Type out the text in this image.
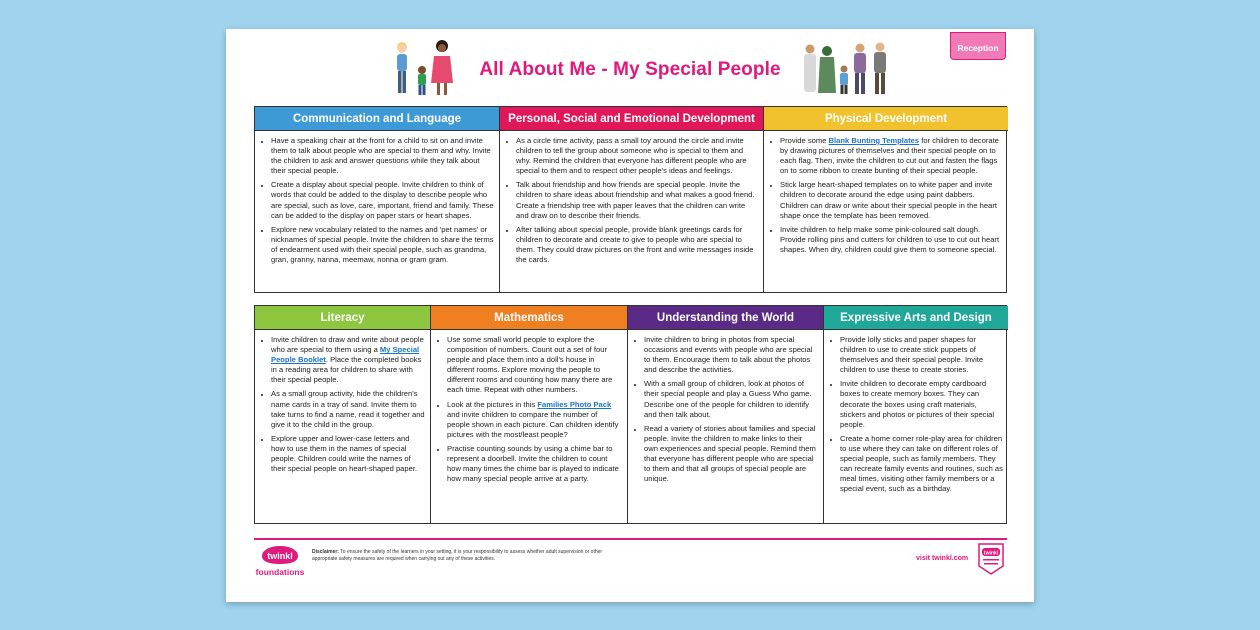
All About Me - My Special People
Reception
Communication and Language
• Have a speaking chair at the front for a child to sit on and invite them to talk about people who are special to them and why. Invite the children to ask and answer questions while they talk about their special people.
• Create a display about special people. Invite children to think of words that could be added to the display to describe people who are special, such as love, care, important, friend and family. These can be added to the display on paper stars or heart shapes.
• Explore new vocabulary related to the names and 'pet names' or nicknames of special people. Invite the children to share the terms of endearment used with their special people, such as grandma, gran, granny, nanna, meemaw, nonna or gram gram.
Personal, Social and Emotional Development
• As a circle time activity, pass a small toy around the circle and invite children to tell the group about someone who is special to them and why. Remind the children that everyone has different people who are special to them and to respect other people's ideas and feelings.
• Talk about friendship and how friends are special people. Invite the children to share ideas about friendship and what makes a good friend. Create a friendship tree with paper leaves that the children can write and draw on to describe their friends.
• After talking about special people, provide blank greetings cards for children to decorate and create to give to people who are special to them. They could draw pictures on the front and write messages inside the cards.
Physical Development
• Provide some Blank Bunting Templates for children to decorate by drawing pictures of themselves and their special people on to each flag. Then, invite the children to cut out and fasten the flags on to some ribbon to create bunting of their special people.
• Stick large heart-shaped templates on to white paper and invite children to decorate around the edge using paint dabbers. Children can draw or write about their special people in the heart shape once the template has been removed.
• Invite children to help make some pink-coloured salt dough. Provide rolling pins and cutters for children to use to cut out heart shapes. When dry, children could give them to someone special.
Literacy
• Invite children to draw and write about people who are special to them using a My Special People Booklet. Place the completed books in a reading area for children to share with their special people.
• As a small group activity, hide the children's name cards in a tray of sand. Invite them to take turns to find a name, read it together and give it to the child in the group.
• Explore upper and lower-case letters and how to use them in the names of special people. Children could write the names of their special people on heart-shaped paper.
Mathematics
• Use some small world people to explore the composition of numbers. Count out a set of four people and place them into a doll's house in different rooms. Explore moving the people to different rooms and counting how many there are each time. Repeat with other numbers.
• Look at the pictures in this Families Photo Pack and invite children to compare the number of people shown in each picture. Can children identify pictures with the most/least people?
• Practise counting sounds by using a chime bar to represent a doorbell. Invite the children to count how many times the chime bar is played to indicate how many special people arrive at a party.
Understanding the World
• Invite children to bring in photos from special occasions and events with people who are special to them. Encourage them to talk about the photos and describe the activities.
• With a small group of children, look at photos of their special people and play a Guess Who game. Describe one of the people for children to identify and then talk about.
• Read a variety of stories about families and special people. Invite the children to make links to their own experiences and special people. Remind them that everyone has different people who are special to them and that all groups of special people are unique.
Expressive Arts and Design
• Provide lolly sticks and paper shapes for children to use to create stick puppets of themselves and their special people. Invite children to use these to create stories.
• Invite children to decorate empty cardboard boxes to create memory boxes. They can decorate the boxes using craft materials, stickers and photos or pictures of their special people.
• Create a home corner role-play area for children to use where they can take on different roles of special people, such as family members. They can recreate family events and routines, such as meal times, visiting other family members or a special event, such as a birthday.
twinkl
foundations
Disclaimer: To ensure the safety of the learners in your setting, it is your responsibility to assess whether adult supervision or other appropriate safety measures are required when carrying out any of these activities.	visit twinkl.com
twinkl
